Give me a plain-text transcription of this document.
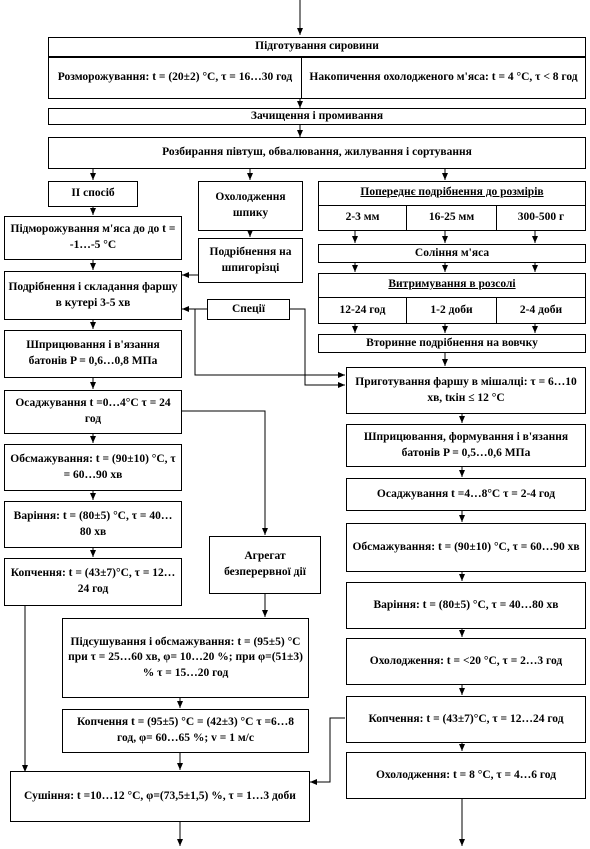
Підготування сировини
Розморожування: t = (20±2) °C, τ = 16…30 год Накопичення охолодженого м'яса: t = 4 °C, τ < 8 год
Зачищення і промивання
Розбирання півтуш, обвалювання, жилування і сортування
II спосіб	Охолодження шпику
Попереднє подрібнення до розмірів
2-3 мм	16-25 мм	300-500 г
Підморожування м'яса до до t = -1…-5 °C
Подрібнення на шпигорізці
Соління м'яса
Подрібнення і складання фаршу в кутері 3-5 хв
Спеції
Витримування в розсолі
12-24 год	1-2 доби	2-4 доби
Вторинне подрібнення на вовчку
Шприцювання і в'язання батонів P = 0,6…0,8 МПа
Приготування фаршу в мішалці: τ = 6…10 хв, tкін ≤ 12 °C
Осаджування t =0…4°C τ = 24 год
Шприцювання, формування і в'язання батонів P = 0,5…0,6 МПа
Обсмажування: t = (90±10) °C, τ = 60…90 хв
Осаджування t =4…8°C τ = 2-4 год
Варіння: t = (80±5) °C, τ = 40…80 хв
Обсмажування: t = (90±10) °C, τ = 60…90 хв
Агрегат безперервної дії
Копчення: t = (43±7)°C, τ = 12…24 год
Варіння: t = (80±5) °C, τ = 40…80 хв
Підсушування і обсмажування: t = (95±5) °C при τ = 25…60 хв, φ= 10…20 %; при φ=(51±3) % τ = 15…20 год
Охолодження: t = <20 °C, τ = 2…3 год
Копчення: t = (43±7)°C, τ = 12…24 год
Копчення t = (95±5) °C = (42±3) °C τ =6…8 год, φ= 60…65 %; v = 1 м/с
Охолодження: t = 8 °C, τ = 4…6 год
Сушіння: t =10…12 °C, φ=(73,5±1,5) %, τ = 1…3 доби
